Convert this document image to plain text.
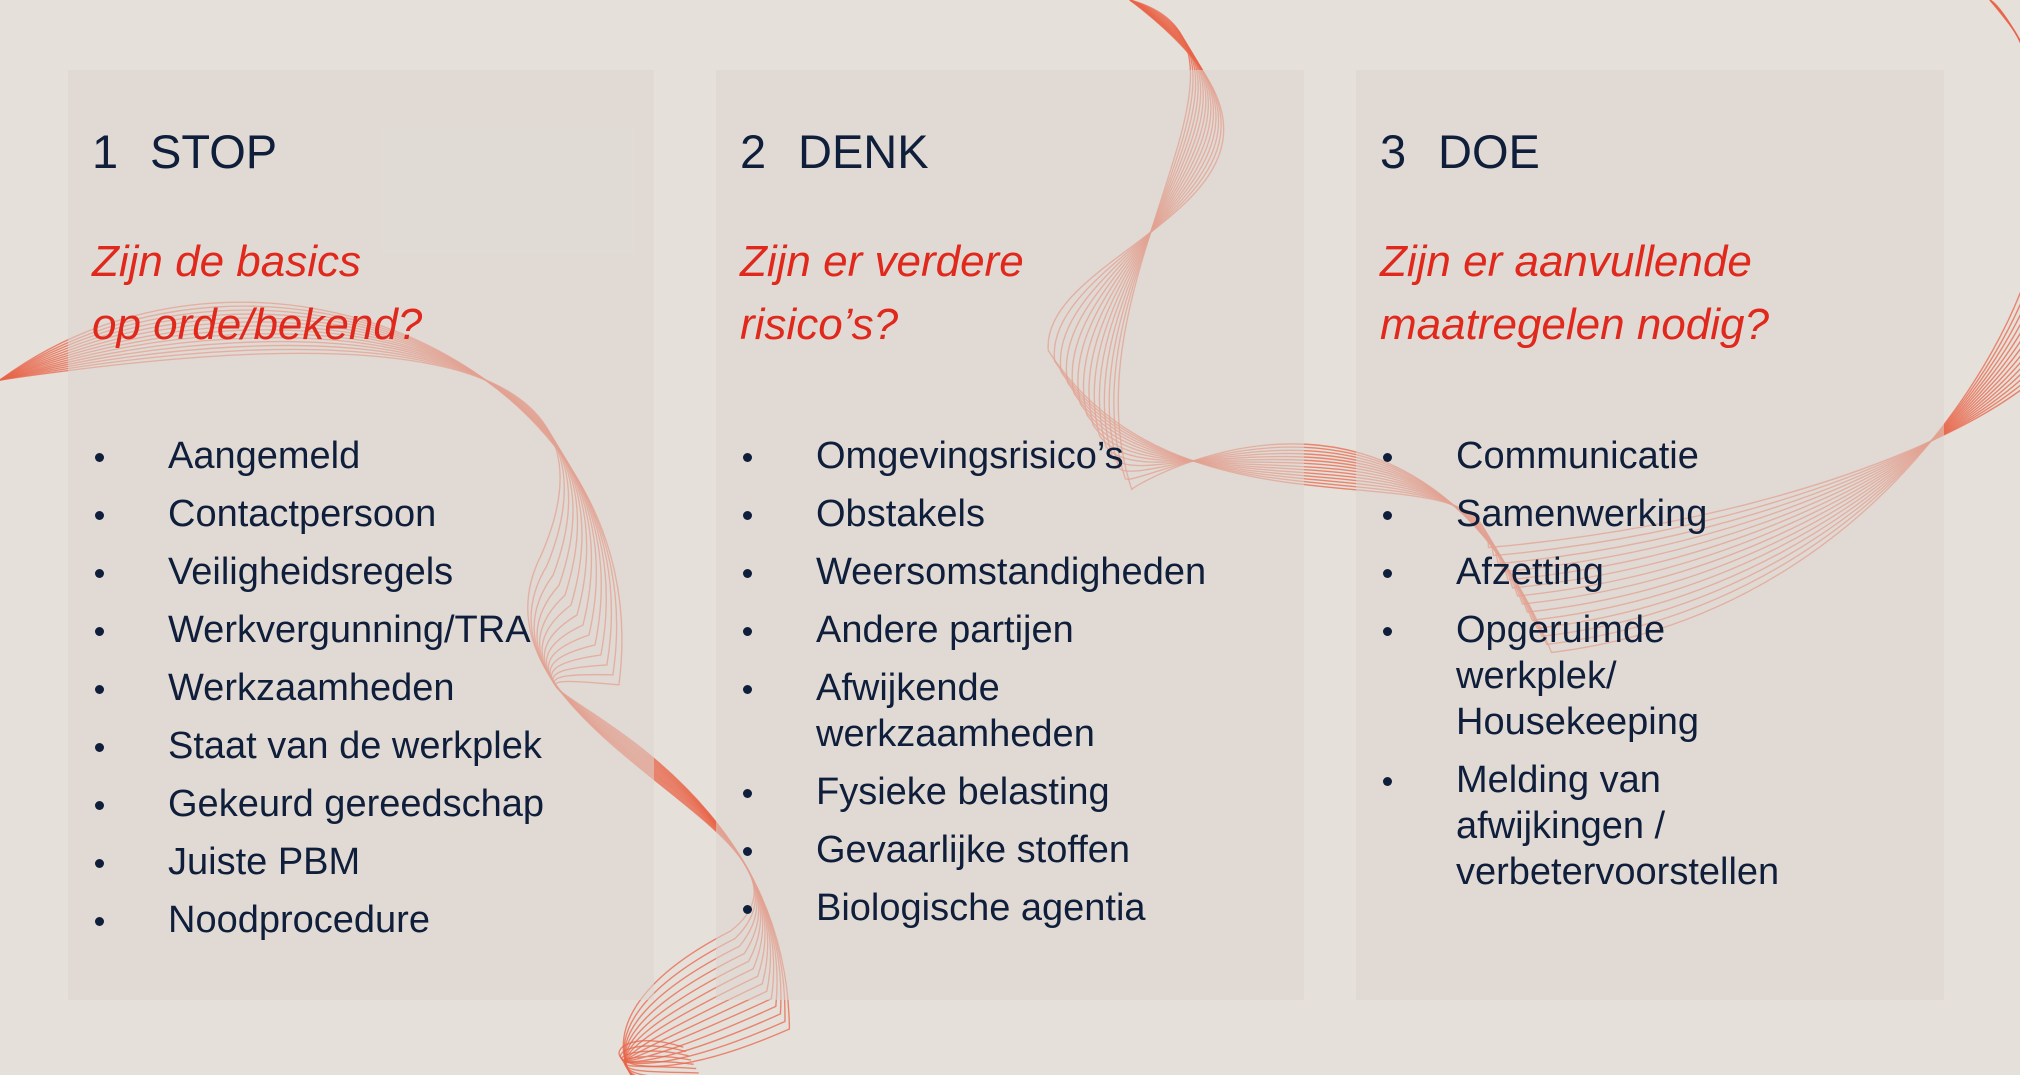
1 STOP

Zijn de basics
op orde/bekend?

Aangemeld
Contactpersoon
Veiligheidsregels
Werkvergunning/TRA
Werkzaamheden
Staat van de werkplek
Gekeurd gereedschap
Juiste PBM
Noodprocedure
2 DENK

Zijn er verdere
risico’s?

Omgevingsrisico’s
Obstakels
Weersomstandigheden
Andere partijen
Afwijkende werkzaamheden
Fysieke belasting
Gevaarlijke stoffen
Biologische agentia
3 DOE

Zijn er aanvullende
maatregelen nodig?

Communicatie
Samenwerking
Afzetting
Opgeruimde werkplek/ Housekeeping
Melding van afwijkingen / verbetervoorstellen
